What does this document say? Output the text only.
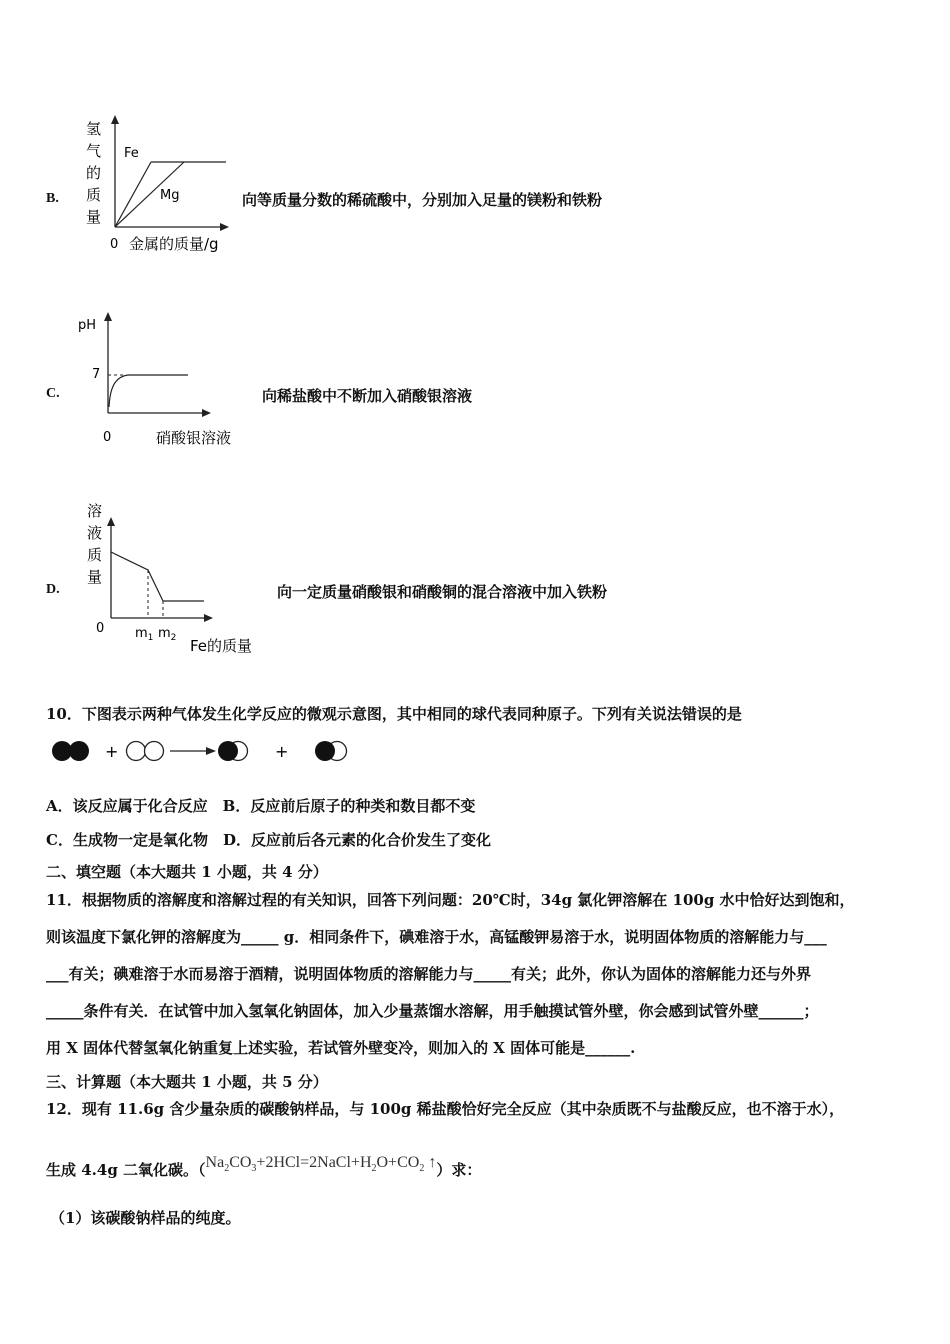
B.
氢
气
的
质
量
Fe
Mg
0 金属的质量/g
向等质量分数的稀硫酸中，分别加入足量的镁粉和铁粉
C.
pH
7
0	硝酸银溶液
向稀盐酸中不断加入硝酸银溶液
D.
溶
液
质
量
0 $m_1$ $m_2$ Fe的质量
向一定质量硝酸银和硝酸铜的混合溶液中加入铁粉
10．下图表示两种气体发生化学反应的微观示意图，其中相同的球代表同种原子。下列有关说法错误的是
+	+
A．该反应属于化合反应　B．反应前后原子的种类和数目都不变
C．生成物一定是氧化物　D．反应前后各元素的化合价发生了变化
二、填空题（本大题共 1 小题，共 4 分）
11．根据物质的溶解度和溶解过程的有关知识，回答下列问题：20℃时，34g 氯化钾溶解在 100g 水中恰好达到饱和，
则该温度下氯化钾的溶解度为_____ g．相同条件下，碘难溶于水，高锰酸钾易溶于水，说明固体物质的溶解能力与___
___有关；碘难溶于水而易溶于酒精，说明固体物质的溶解能力与_____有关；此外，你认为固体的溶解能力还与外界
_____条件有关．在试管中加入氢氧化钠固体，加入少量蒸馏水溶解，用手触摸试管外壁，你会感到试管外壁______；
用 X 固体代替氢氧化钠重复上述实验，若试管外壁变冷，则加入的 X 固体可能是______.
三、计算题（本大题共 1 小题，共 5 分）
12．现有 11.6g 含少量杂质的碳酸钠样品，与 100g 稀盐酸恰好完全反应（其中杂质既不与盐酸反应，也不溶于水），
生成 4.4g 二氧化碳。（$Na_2CO_3+2HCl=2NaCl+H_2O+CO_2$ ↑）求：
（1）该碳酸钠样品的纯度。
